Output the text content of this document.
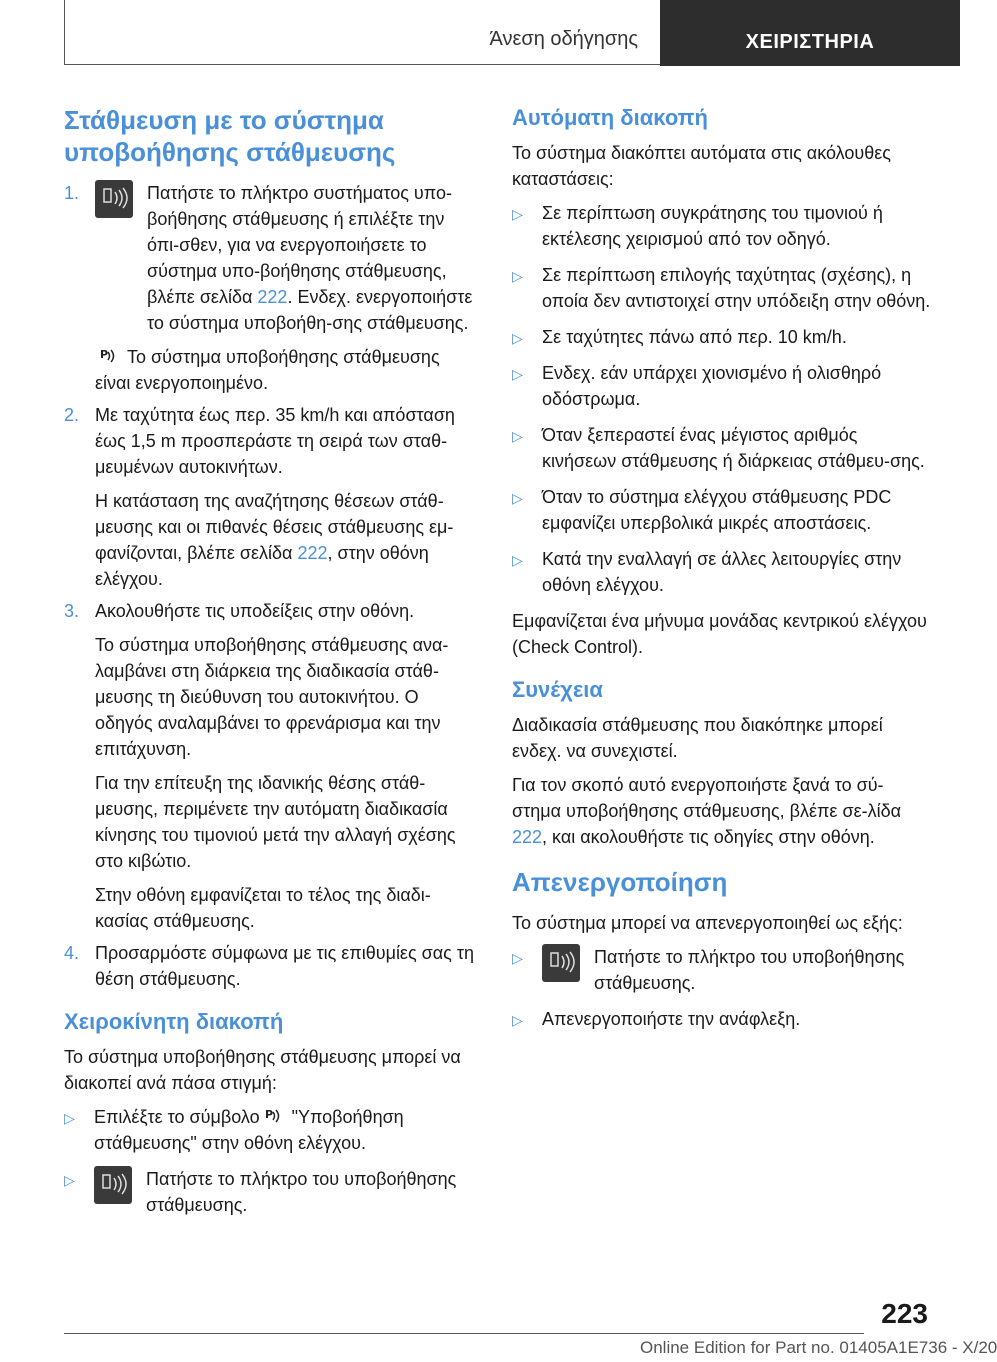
Άνεση οδήγησης	ΧΕΙΡΙΣΤΗΡΙΑ
Στάθμευση με το σύστημα υποβοήθησης στάθμευσης
1.	Πατήστε το πλήκτρο συστήματος υπο-βοήθησης στάθμευσης ή επιλέξτε την όπι-σθεν, για να ενεργοποιήσετε το σύστημα υπο-βοήθησης στάθμευσης, βλέπε σελίδα 222. Ενδεχ. ενεργοποιήστε το σύστημα υποβοήθη-σης στάθμευσης.
P Το σύστημα υποβοήθησης στάθμευσης είναι ενεργοποιημένο.
2. Με ταχύτητα έως περ. 35 km/h και απόσταση έως 1,5 m προσπεράστε τη σειρά των σταθ-μευμένων αυτοκινήτων.
Η κατάσταση της αναζήτησης θέσεων στάθ-μευσης και οι πιθανές θέσεις στάθμευσης εμ-φανίζονται, βλέπε σελίδα 222, στην οθόνη ελέγχου.
3. Ακολουθήστε τις υποδείξεις στην οθόνη.
Το σύστημα υποβοήθησης στάθμευσης ανα-λαμβάνει στη διάρκεια της διαδικασία στάθ-μευσης τη διεύθυνση του αυτοκινήτου. Ο οδηγός αναλαμβάνει το φρενάρισμα και την επιτάχυνση.
Για την επίτευξη της ιδανικής θέσης στάθ-μευσης, περιμένετε την αυτόματη διαδικασία κίνησης του τιμονιού μετά την αλλαγή σχέσης στο κιβώτιο.
Στην οθόνη εμφανίζεται το τέλος της διαδι-κασίας στάθμευσης.
4. Προσαρμόστε σύμφωνα με τις επιθυμίες σας τη θέση στάθμευσης.
Χειροκίνητη διακοπή

Το σύστημα υποβοήθησης στάθμευσης μπορεί να διακοπεί ανά πάσα στιγμή:

▷ Επιλέξτε το σύμβολο P "Υποβοήθηση στάθμευσης" στην οθόνη ελέγχου.
▷	Πατήστε το πλήκτρο του υποβοήθησης στάθμευσης.
Αυτόματη διακοπή

Το σύστημα διακόπτει αυτόματα στις ακόλουθες καταστάσεις:

▷ Σε περίπτωση συγκράτησης του τιμονιού ή εκτέλεσης χειρισμού από τον οδηγό.
▷ Σε περίπτωση επιλογής ταχύτητας (σχέσης), η οποία δεν αντιστοιχεί στην υπόδειξη στην οθόνη.
▷ Σε ταχύτητες πάνω από περ. 10 km/h.
▷ Ενδεχ. εάν υπάρχει χιονισμένο ή ολισθηρό οδόστρωμα.
▷ Όταν ξεπεραστεί ένας μέγιστος αριθμός κινήσεων στάθμευσης ή διάρκειας στάθμευ-σης.
▷ Όταν το σύστημα ελέγχου στάθμευσης PDC εμφανίζει υπερβολικά μικρές αποστάσεις.
▷ Κατά την εναλλαγή σε άλλες λειτουργίες στην οθόνη ελέγχου.

Εμφανίζεται ένα μήνυμα μονάδας κεντρικού ελέγχου (Check Control).

Συνέχεια

Διαδικασία στάθμευσης που διακόπηκε μπορεί ενδεχ. να συνεχιστεί.

Για τον σκοπό αυτό ενεργοποιήστε ξανά το σύ-στημα υποβοήθησης στάθμευσης, βλέπε σε-λίδα 222, και ακολουθήστε τις οδηγίες στην οθόνη.

Απενεργοποίηση

Το σύστημα μπορεί να απενεργοποιηθεί ως εξής:

▷	Πατήστε το πλήκτρο του υποβοήθησης στάθμευσης.
▷ Απενεργοποιήστε την ανάφλεξη.
223
Online Edition for Part no. 01405A1E736 - X/20
